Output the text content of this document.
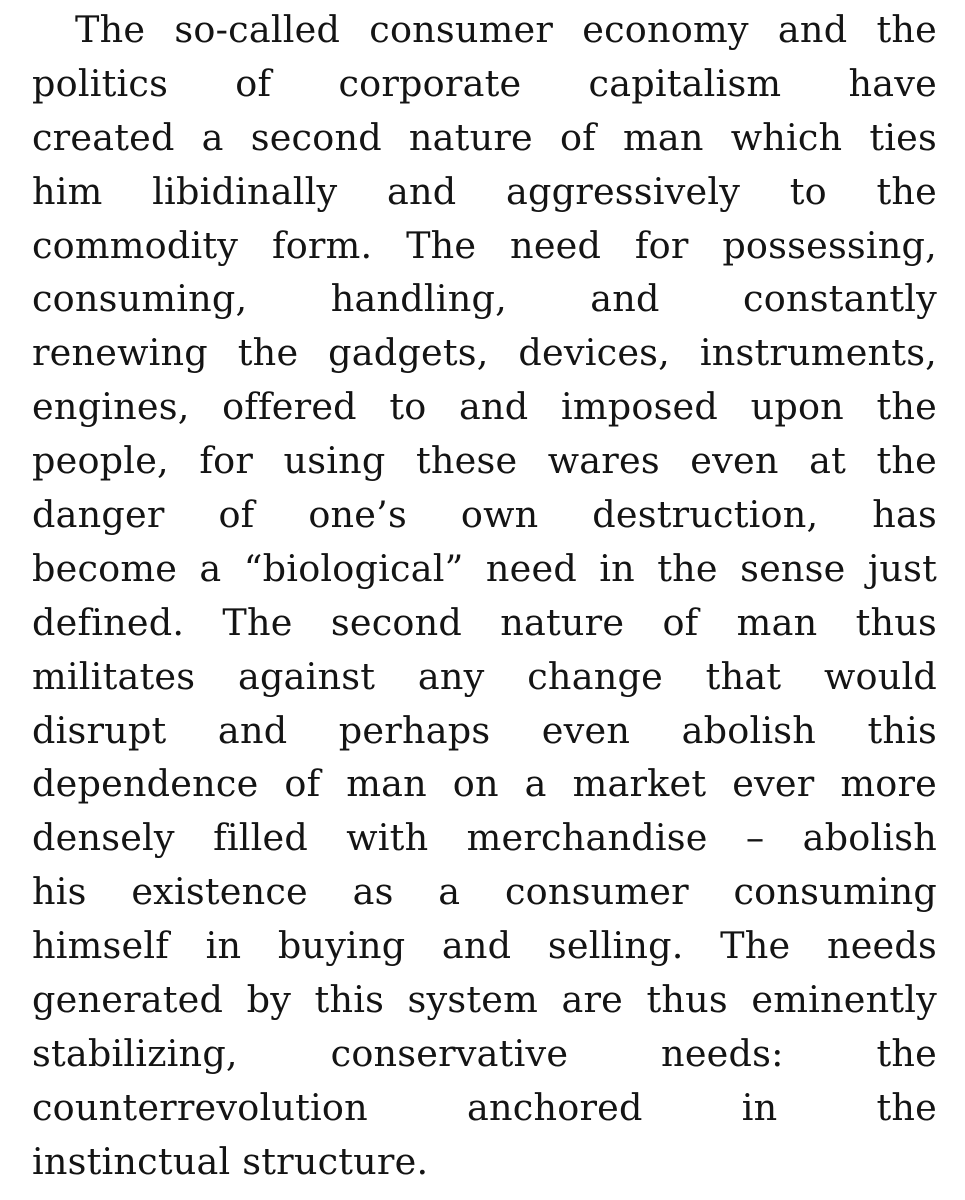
The so-called consumer economy and the
politics of corporate capitalism have
created a second nature of man which ties
him libidinally and aggressively to the
commodity form. The need for possessing,
consuming, handling, and constantly
renewing the gadgets, devices, instruments,
engines, offered to and imposed upon the
people, for using these wares even at the
danger of one’s own destruction, has
become a “biological” need in the sense just
defined. The second nature of man thus
militates against any change that would
disrupt and perhaps even abolish this
dependence of man on a market ever more
densely filled with merchandise – abolish
his existence as a consumer consuming
himself in buying and selling. The needs
generated by this system are thus eminently
stabilizing, conservative needs: the
counterrevolution anchored in the
instinctual structure.
